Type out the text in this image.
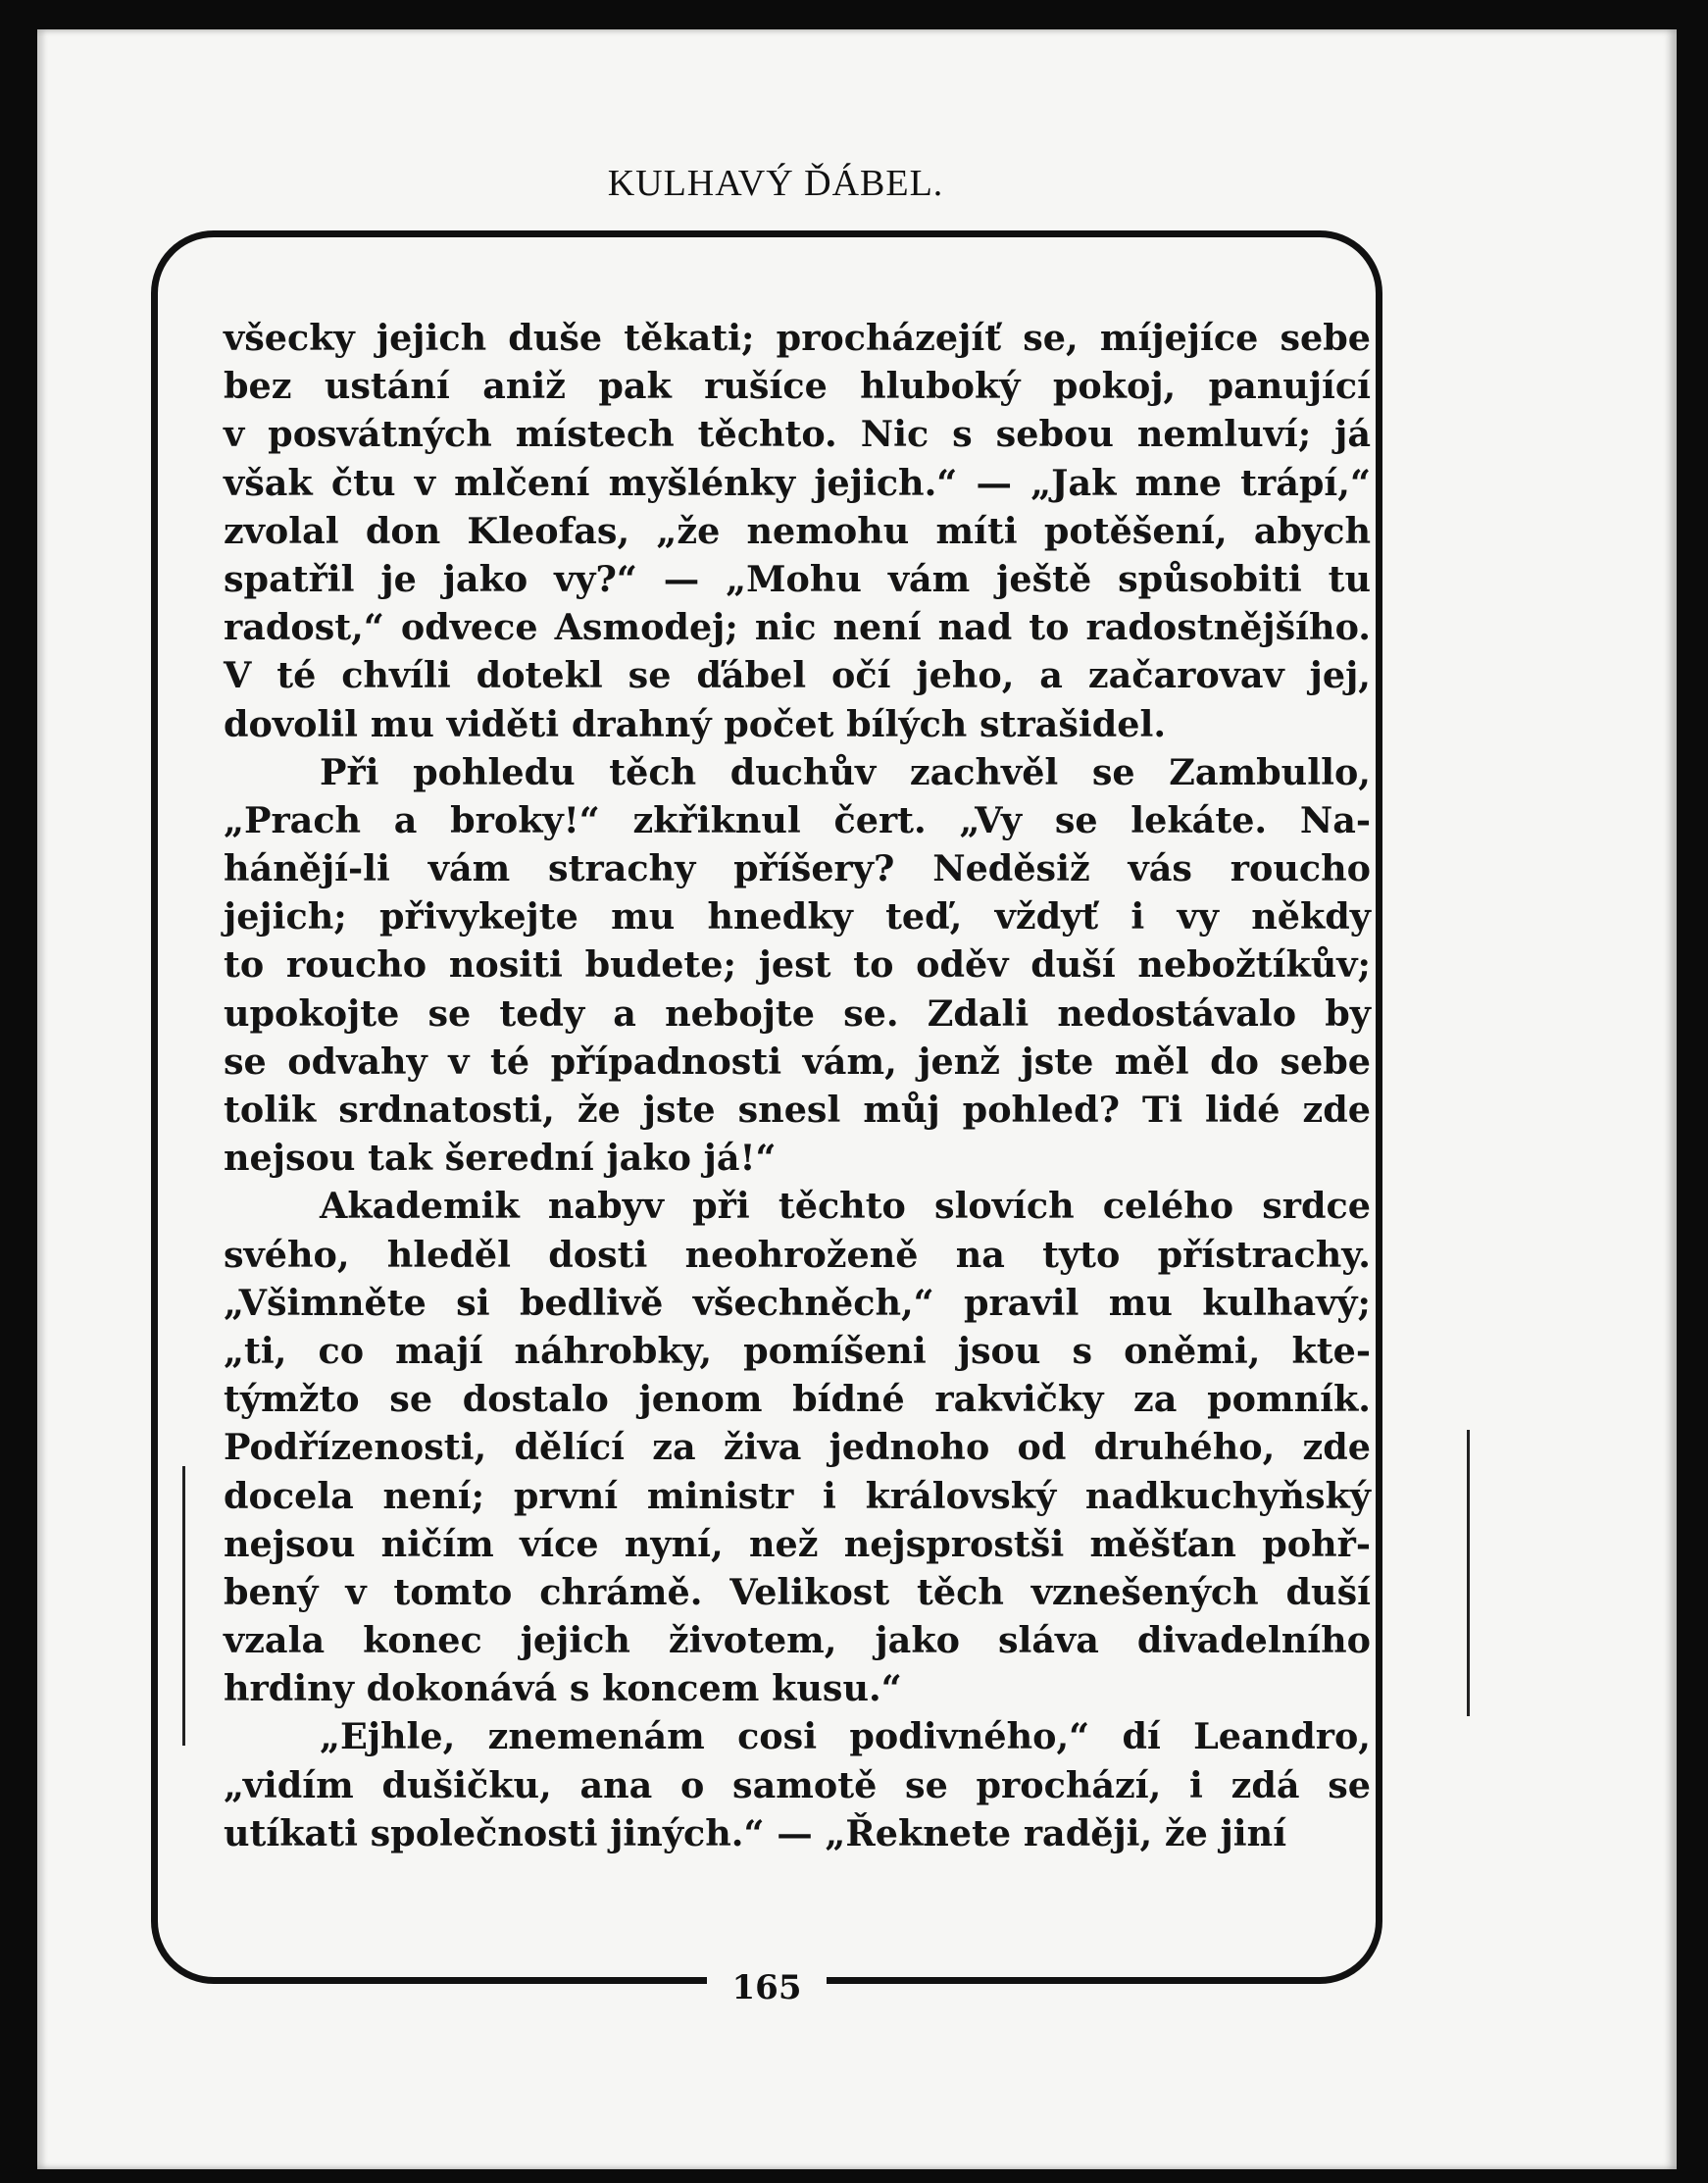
KULHAVÝ ĎÁBEL.
všecky jejich duše těkati; procházejíť se, míjejíce sebe
bez ustání aniž pak rušíce hluboký pokoj, panující
v posvátných místech těchto. Nic s sebou nemluví; já
však čtu v mlčení myšlénky jejich.“ — „Jak mne trápí,“
zvolal don Kleofas, „že nemohu míti potěšení, abych
spatřil je jako vy?“ — „Mohu vám ještě spůsobiti tu
radost,“ odvece Asmodej; nic není nad to radostnějšího.
V té chvíli dotekl se ďábel očí jeho, a začarovav jej,
dovolil mu viděti drahný počet bílých strašidel.
Při pohledu těch duchův zachvěl se Zambullo,
„Prach a broky!“ zkřiknul čert. „Vy se lekáte. Na-
hánějí-li vám strachy příšery? Neděsiž vás roucho
jejich; přivykejte mu hnedky teď, vždyť i vy někdy
to roucho nositi budete; jest to oděv duší nebožtíkův;
upokojte se tedy a nebojte se. Zdali nedostávalo by
se odvahy v té případnosti vám, jenž jste měl do sebe
tolik srdnatosti, že jste snesl můj pohled? Ti lidé zde
nejsou tak šerední jako já!“
Akademik nabyv při těchto slovích celého srdce
svého, hleděl dosti neohroženě na tyto přístrachy.
„Všimněte si bedlivě všechněch,“ pravil mu kulhavý;
„ti, co mají náhrobky, pomíšeni jsou s oněmi, kte-
týmžto se dostalo jenom bídné rakvičky za pomník.
Podřízenosti, dělící za živa jednoho od druhého, zde
docela není; první ministr i královský nadkuchyňský
nejsou ničím více nyní, než nejsprostši měšťan pohř-
bený v tomto chrámě. Velikost těch vznešených duší
vzala konec jejich životem, jako sláva divadelního
hrdiny dokonává s koncem kusu.“
„Ejhle, znemenám cosi podivného,“ dí Leandro,
„vidím dušičku, ana o samotě se prochází, i zdá se
utíkati společnosti jiných.“ — „Řeknete raději, že jiní
165
